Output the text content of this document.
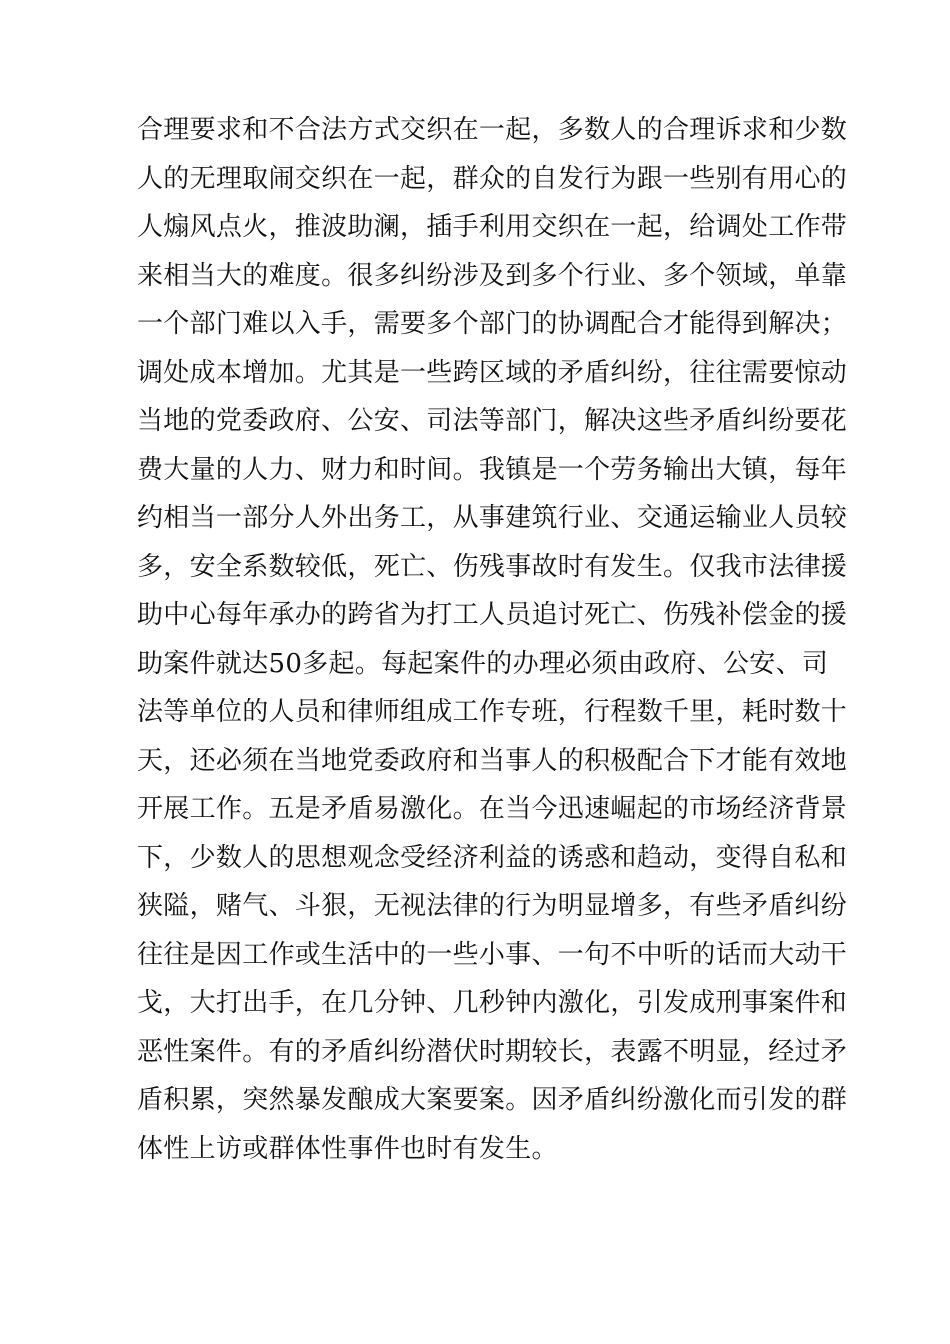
合理要求和不合法方式交织在一起，多数人的合理诉求和少数
人的无理取闹交织在一起，群众的自发行为跟一些别有用心的
人煽风点火，推波助澜，插手利用交织在一起，给调处工作带
来相当大的难度。很多纠纷涉及到多个行业、多个领域，单靠
一个部门难以入手，需要多个部门的协调配合才能得到解决；
调处成本增加。尤其是一些跨区域的矛盾纠纷，往往需要惊动
当地的党委政府、公安、司法等部门，解决这些矛盾纠纷要花
费大量的人力、财力和时间。我镇是一个劳务输出大镇，每年
约相当一部分人外出务工，从事建筑行业、交通运输业人员较
多，安全系数较低，死亡、伤残事故时有发生。仅我市法律援
助中心每年承办的跨省为打工人员追讨死亡、伤残补偿金的援
助案件就达50多起。每起案件的办理必须由政府、公安、司
法等单位的人员和律师组成工作专班，行程数千里，耗时数十
天，还必须在当地党委政府和当事人的积极配合下才能有效地
开展工作。五是矛盾易激化。在当今迅速崛起的市场经济背景
下，少数人的思想观念受经济利益的诱惑和趋动，变得自私和
狭隘，赌气、斗狠，无视法律的行为明显增多，有些矛盾纠纷
往往是因工作或生活中的一些小事、一句不中听的话而大动干
戈，大打出手，在几分钟、几秒钟内激化，引发成刑事案件和
恶性案件。有的矛盾纠纷潜伏时期较长，表露不明显，经过矛
盾积累，突然暴发酿成大案要案。因矛盾纠纷激化而引发的群
体性上访或群体性事件也时有发生。
